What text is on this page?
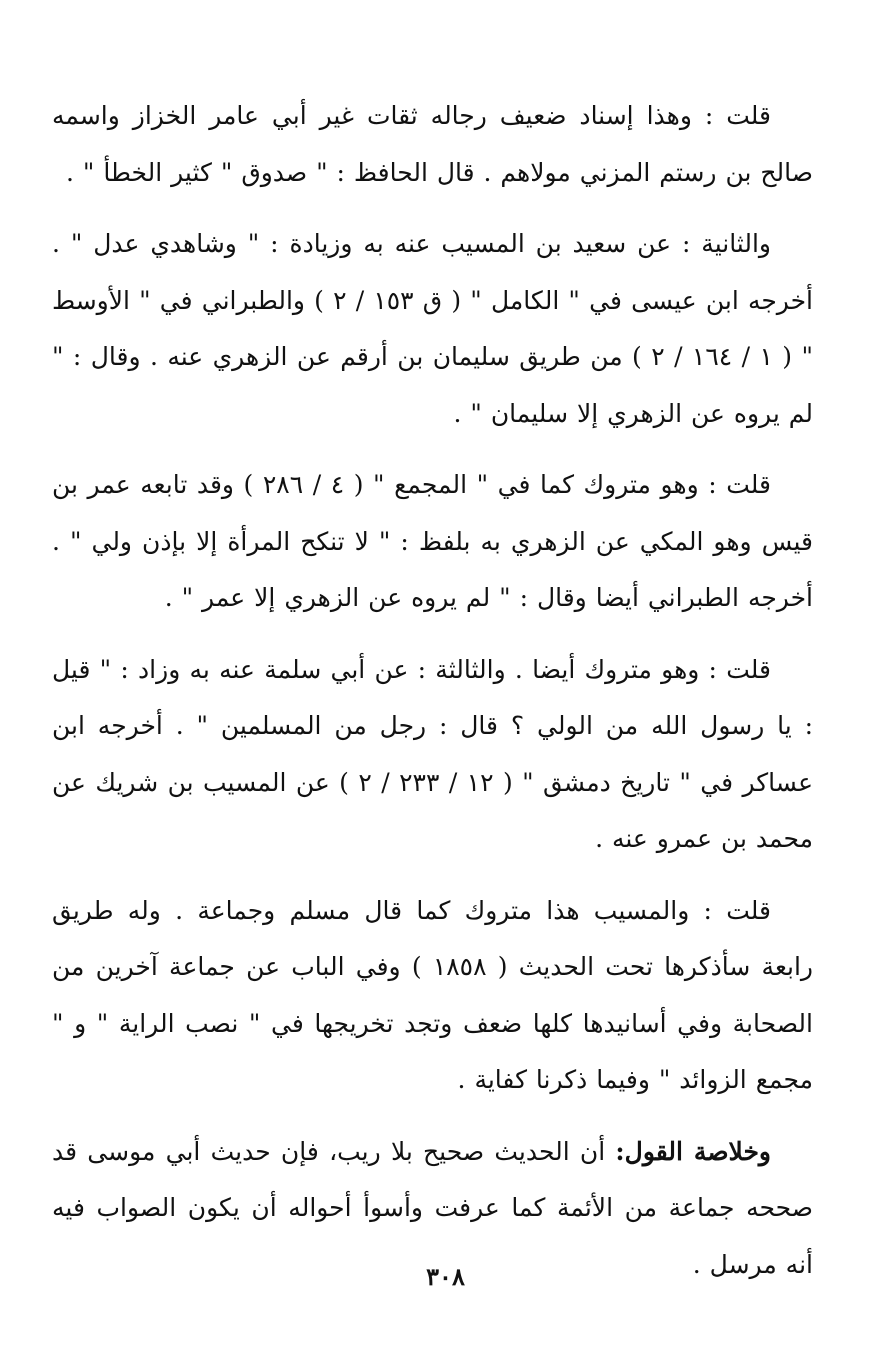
قلت : وهذا إسناد ضعيف رجاله ثقات غير أبي عامر الخزاز واسمه صالح بن رستم المزني مولاهم . قال الحافظ : " صدوق " كثير الخطأ " .

والثانية : عن سعيد بن المسيب عنه به وزيادة : " وشاهدي عدل " . أخرجه ابن عيسى في " الكامل " ( ق ١٥٣ / ٢ ) والطبراني في " الأوسط " ( ١ / ١٦٤ / ٢ ) من طريق سليمان بن أرقم عن الزهري عنه . وقال : " لم يروه عن الزهري إلا سليمان " .

قلت : وهو متروك كما في " المجمع " ( ٤ / ٢٨٦ ) وقد تابعه عمر بن قيس وهو المكي عن الزهري به بلفظ : " لا تنكح المرأة إلا بإذن ولي " . أخرجه الطبراني أيضا وقال : " لم يروه عن الزهري إلا عمر " .

قلت : وهو متروك أيضا . والثالثة : عن أبي سلمة عنه به وزاد : " قيل : يا رسول الله من الولي ؟ قال : رجل من المسلمين " . أخرجه ابن عساكر في " تاريخ دمشق " ( ١٢ / ٢٣٣ / ٢ ) عن المسيب بن شريك عن محمد بن عمرو عنه .

قلت : والمسيب هذا متروك كما قال مسلم وجماعة . وله طريق رابعة سأذكرها تحت الحديث ( ١٨٥٨ ) وفي الباب عن جماعة آخرين من الصحابة وفي أسانيدها كلها ضعف وتجد تخريجها في " نصب الراية " و " مجمع الزوائد " وفيما ذكرنا كفاية .

وخلاصة القول: أن الحديث صحيح بلا ريب، فإن حديث أبي موسى قد صححه جماعة من الأئمة كما عرفت وأسوأ أحواله أن يكون الصواب فيه أنه مرسل .

٣٠٨
